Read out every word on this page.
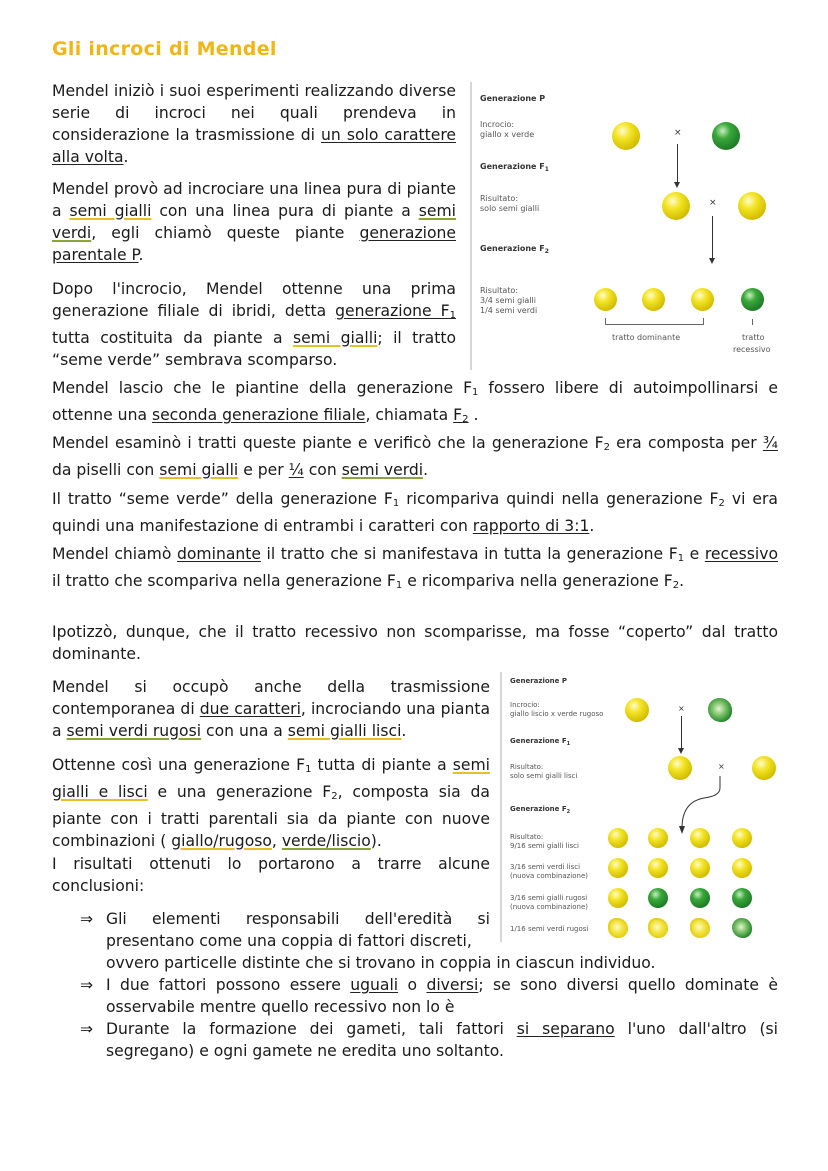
Gli incroci di Mendel

Mendel iniziò i suoi esperimenti realizzando diverse serie di incroci nei quali prendeva in considerazione la trasmissione di un solo carattere alla volta.

Mendel provò ad incrociare una linea pura di piante a semi gialli con una linea pura di piante a semi verdi, egli chiamò queste piante generazione parentale P.

Dopo l'incrocio, Mendel ottenne una prima generazione filiale di ibridi, detta generazione $F_1$ tutta costituita da piante a semi gialli; il tratto “seme verde” sembrava scomparso.

Generazione P
Incrocio:
giallo x verde
Generazione $F_1$
Risultato:
solo semi gialli
Generazione $F_2$
Risultato:
3/4 semi gialli
1/4 semi verdi
×
×
tratto dominante	tratto
recessivo

Mendel lascio che le piantine della generazione $F_1$ fossero libere di autoimpollinarsi e ottenne una seconda generazione filiale, chiamata $F_2$ .

Mendel esaminò i tratti queste piante e verificò che la generazione $F_2$ era composta per ¾ da piselli con semi gialli e per ¼ con semi verdi.

Il tratto “seme verde” della generazione $F_1$ ricompariva quindi nella generazione $F_2$ vi era quindi una manifestazione di entrambi i caratteri con rapporto di 3:1.

Mendel chiamò dominante il tratto che si manifestava in tutta la generazione $F_1$ e recessivo il tratto che scompariva nella generazione $F_1$ e ricompariva nella generazione $F_2$.

Ipotizzò, dunque, che il tratto recessivo non scomparisse, ma fosse “coperto” dal tratto dominante.

Mendel si occupò anche della trasmissione contemporanea di due caratteri, incrociando una pianta a semi verdi rugosi con una a semi gialli lisci.

Ottenne così una generazione $F_1$ tutta di piante a semi gialli e lisci e una generazione $F_2$, composta sia da piante con i tratti parentali sia da piante con nuove combinazioni ( giallo/rugoso, verde/liscio).

I risultati ottenuti lo portarono a trarre alcune conclusioni:

Generazione P
Incrocio:
giallo liscio x verde rugoso
Generazione $F_1$
Risultato:
solo semi gialli lisci
Generazione $F_2$
Risultato:
9/16 semi gialli lisci
3/16 semi verdi lisci
(nuova combinazione)
3/16 semi gialli rugosi
(nuova combinazione)
1/16 semi verdi rugosi
×
×
⇒ Gli elementi responsabili dell'eredità si presentano come una coppia di fattori discreti,
ovvero particelle distinte che si trovano in coppia in ciascun individuo.
⇒ I due fattori possono essere uguali o diversi; se sono diversi quello dominate è osservabile mentre quello recessivo non lo è
⇒ Durante la formazione dei gameti, tali fattori si separano l'uno dall'altro (si segregano) e ogni gamete ne eredita uno soltanto.
